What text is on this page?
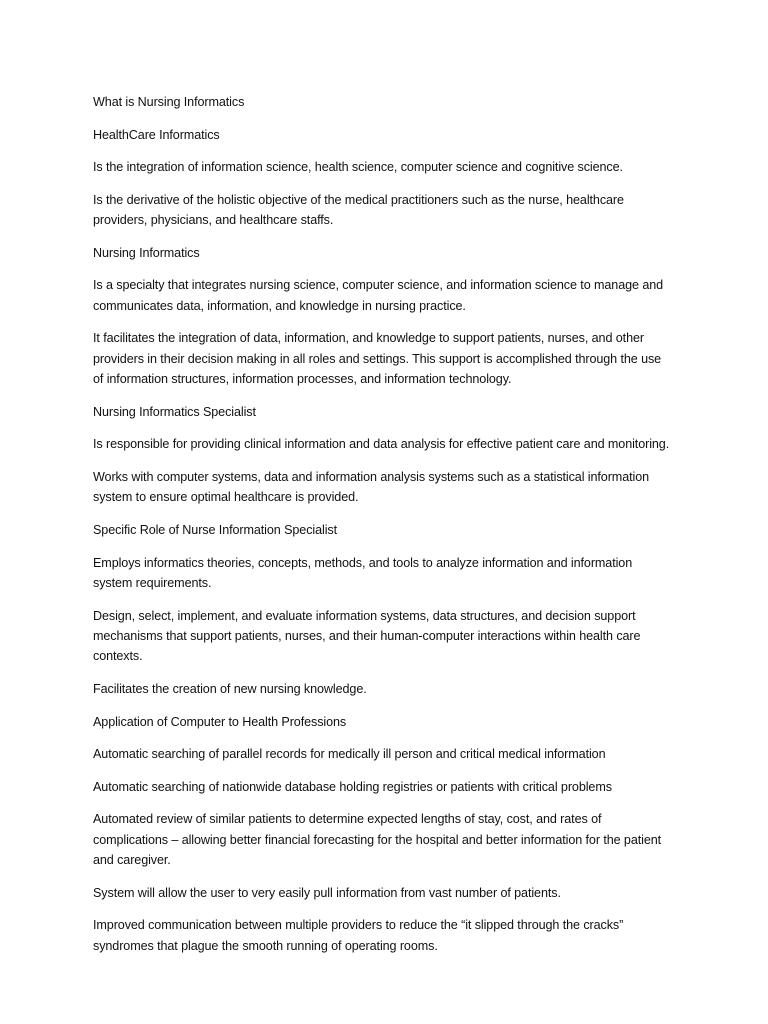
What is Nursing Informatics

HealthCare Informatics

Is the integration of information science, health science, computer science and cognitive science.

Is the derivative of the holistic objective of the medical practitioners such as the nurse, healthcare providers, physicians, and healthcare staffs.

Nursing Informatics

Is a specialty that integrates nursing science, computer science, and information science to manage and communicates data, information, and knowledge in nursing practice.

It facilitates the integration of data, information, and knowledge to support patients, nurses, and other providers in their decision making in all roles and settings. This support is accomplished through the use of information structures, information processes, and information technology.

Nursing Informatics Specialist

Is responsible for providing clinical information and data analysis for effective patient care and monitoring.

Works with computer systems, data and information analysis systems such as a statistical information system to ensure optimal healthcare is provided.

Specific Role of Nurse Information Specialist

Employs informatics theories, concepts, methods, and tools to analyze information and information system requirements.

Design, select, implement, and evaluate information systems, data structures, and decision support mechanisms that support patients, nurses, and their human-computer interactions within health care contexts.

Facilitates the creation of new nursing knowledge.

Application of Computer to Health Professions

Automatic searching of parallel records for medically ill person and critical medical information

Automatic searching of nationwide database holding registries or patients with critical problems

Automated review of similar patients to determine expected lengths of stay, cost, and rates of complications – allowing better financial forecasting for the hospital and better information for the patient and caregiver.

System will allow the user to very easily pull information from vast number of patients.

Improved communication between multiple providers to reduce the “it slipped through the cracks” syndromes that plague the smooth running of operating rooms.
